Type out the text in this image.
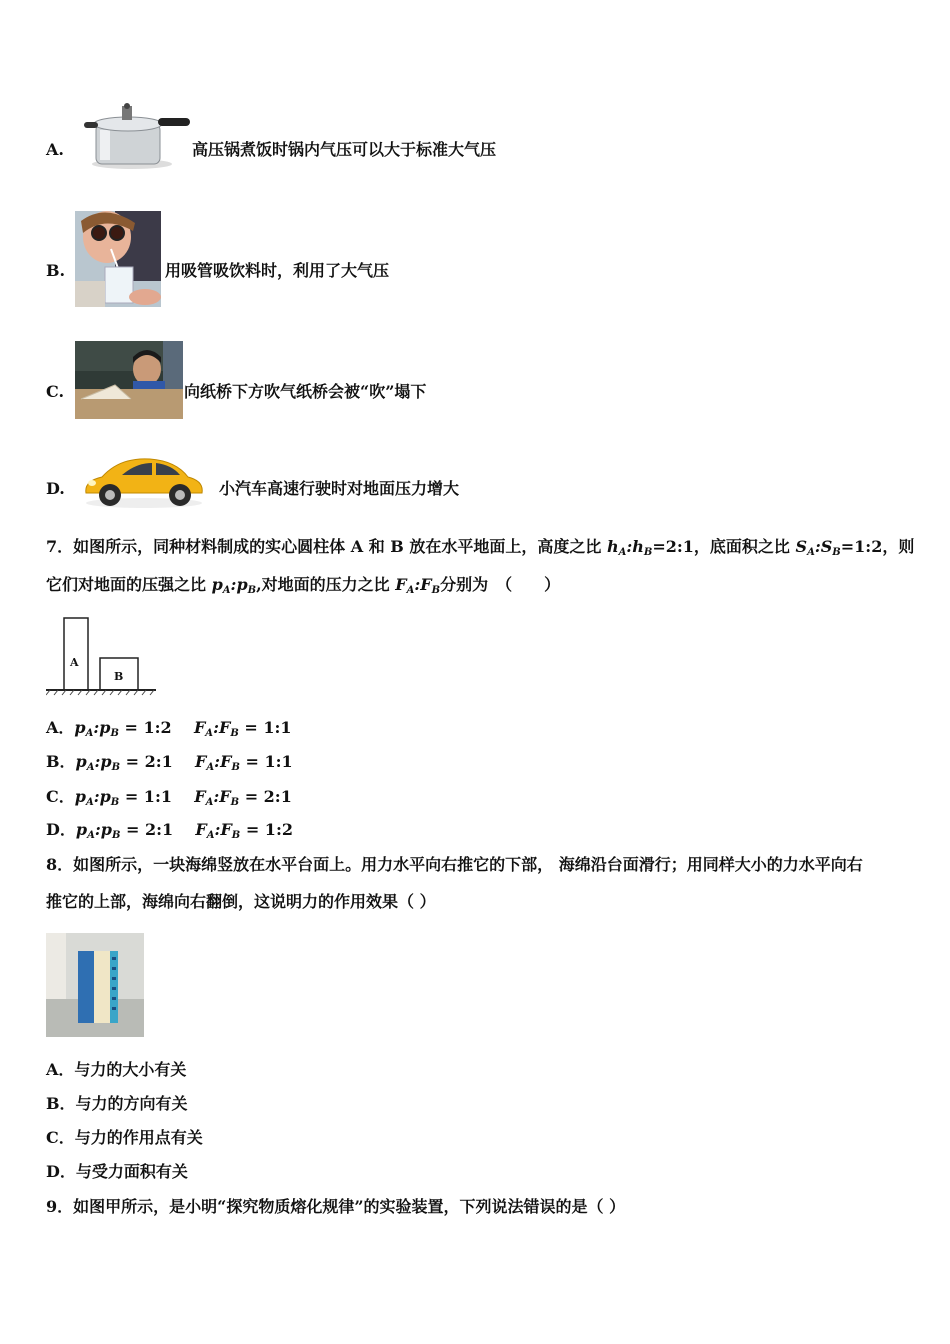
A.	高压锅煮饭时锅内气压可以大于标准大气压
B.	用吸管吸饮料时，利用了大气压
C.	向纸桥下方吹气纸桥会被“吹”塌下
D.	小汽车高速行驶时对地面压力增大
7．如图所示，同种材料制成的实心圆柱体 A 和 B 放在水平地面上，高度之比 $h_A:h_B=2:1$，底面积之比 $S_A:S_B=1:2$，则
它们对地面的压强之比 $p_A:p_B$,对地面的压力之比 $F_A:F_B$分别为　（　　）
A
B
A．$p_A:p_B$ = 1:2 $F_A:F_B$ = 1:1
B．$p_A:p_B$ = 2:1 $F_A:F_B$ = 1:1
C．$p_A:p_B$ = 1:1 $F_A:F_B$ = 2:1
D．$p_A:p_B$ = 2:1 $F_A:F_B$ = 1:2
8．如图所示，一块海绵竖放在水平台面上。用力水平向右推它的下部， 海绵沿台面滑行；用同样大小的力水平向右
推它的上部，海绵向右翻倒，这说明力的作用效果（ ）
A．与力的大小有关
B．与力的方向有关
C．与力的作用点有关
D．与受力面积有关
9．如图甲所示，是小明“探究物质熔化规律”的实验装置，下列说法错误的是（ ）
